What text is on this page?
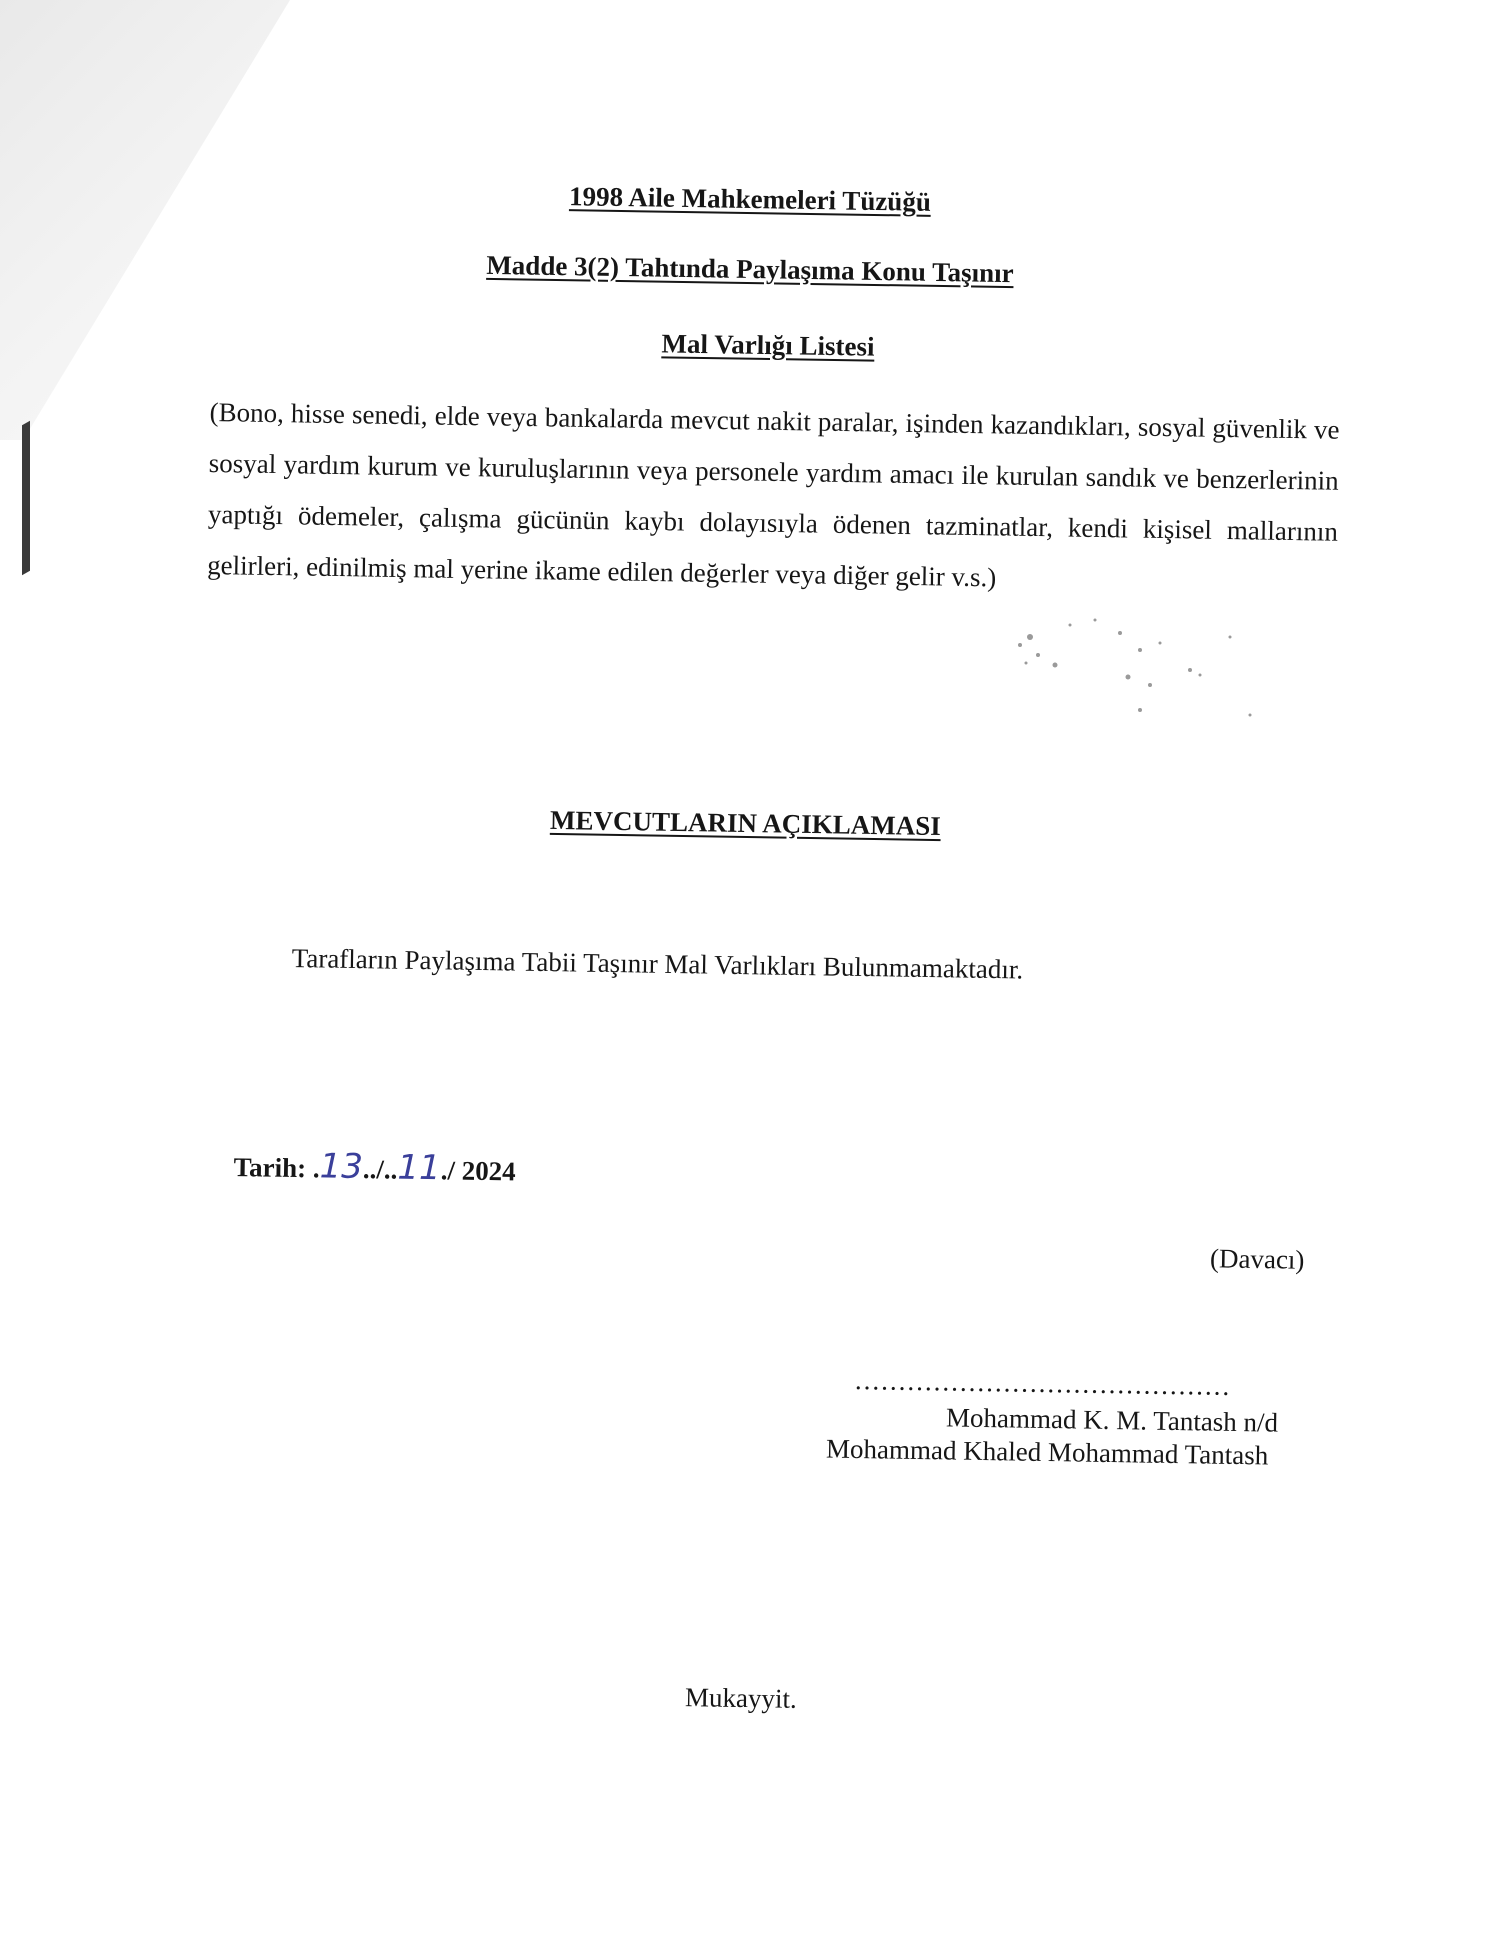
1998 Aile Mahkemeleri Tüzüğü
Madde 3(2) Tahtında Paylaşıma Konu Taşınır
Mal Varlığı Listesi
(Bono, hisse senedi, elde veya bankalarda mevcut nakit paralar, işinden kazandıkları, sosyal güvenlik ve sosyal yardım kurum ve kuruluşlarının veya personele yardım amacı ile kurulan sandık ve benzerlerinin yaptığı ödemeler, çalışma gücünün kaybı dolayısıyla ödenen tazminatlar, kendi kişisel mallarının gelirleri, edinilmiş mal yerine ikame edilen değerler veya diğer gelir v.s.)
MEVCUTLARIN AÇIKLAMASI
Tarafların Paylaşıma Tabii Taşınır Mal Varlıkları Bulunmamaktadır.
Tarih: .13../..11./ 2024
(Davacı)
...........................................
Mohammad K. M. Tantash n/d
Mohammad Khaled Mohammad Tantash
Mukayyit.
